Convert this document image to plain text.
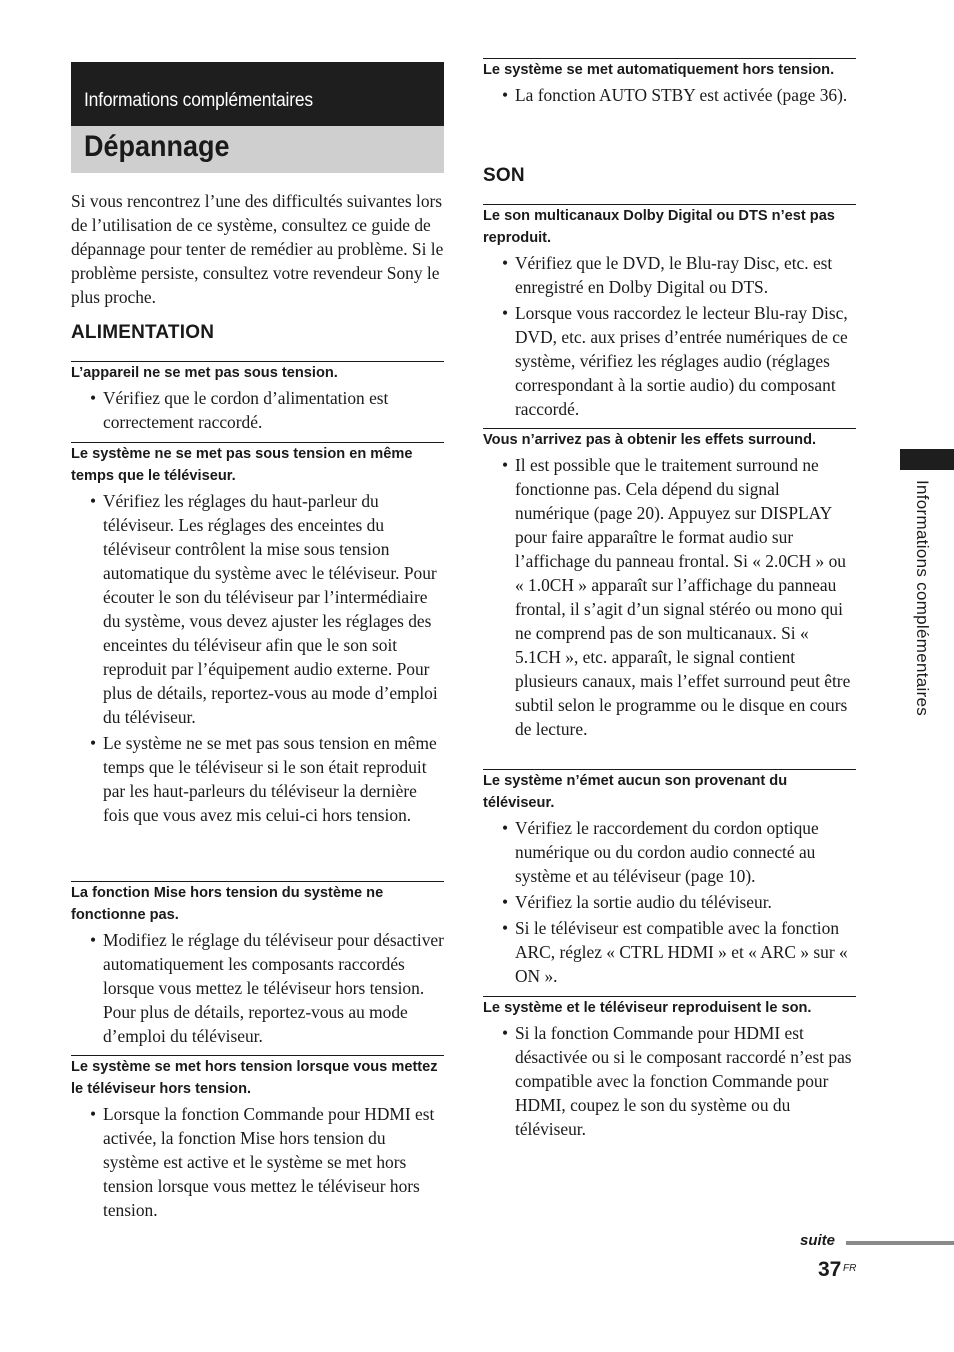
Informations complémentaires
Dépannage

Si vous rencontrez l’une des difficultés suivantes lors de l’utilisation de ce système, consultez ce guide de dépannage pour tenter de remédier au problème. Si le problème persiste, consultez votre revendeur Sony le plus proche.

ALIMENTATION
L’appareil ne se met pas sous tension.
• Vérifiez que le cordon d’alimentation est correctement raccordé.
Le système ne se met pas sous tension en même temps que le téléviseur.
• Vérifiez les réglages du haut-parleur du téléviseur. Les réglages des enceintes du téléviseur contrôlent la mise sous tension automatique du système avec le téléviseur. Pour écouter le son du téléviseur par l’intermédiaire du système, vous devez ajuster les réglages des enceintes du téléviseur afin que le son soit reproduit par l’équipement audio externe. Pour plus de détails, reportez-vous au mode d’emploi du téléviseur.
• Le système ne se met pas sous tension en même temps que le téléviseur si le son était reproduit par les haut-parleurs du téléviseur la dernière fois que vous avez mis celui-ci hors tension.
La fonction Mise hors tension du système ne fonctionne pas.
• Modifiez le réglage du téléviseur pour désactiver automatiquement les composants raccordés lorsque vous mettez le téléviseur hors tension. Pour plus de détails, reportez-vous au mode d’emploi du téléviseur.
Le système se met hors tension lorsque vous mettez le téléviseur hors tension.
• Lorsque la fonction Commande pour HDMI est activée, la fonction Mise hors tension du système est active et le système se met hors tension lorsque vous mettez le téléviseur hors tension.
Le système se met automatiquement hors tension.
• La fonction AUTO STBY est activée (page 36).
SON
Le son multicanaux Dolby Digital ou DTS n’est pas reproduit.
• Vérifiez que le DVD, le Blu-ray Disc, etc. est enregistré en Dolby Digital ou DTS.
• Lorsque vous raccordez le lecteur Blu-ray Disc, DVD, etc. aux prises d’entrée numériques de ce système, vérifiez les réglages audio (réglages correspondant à la sortie audio) du composant raccordé.
Vous n’arrivez pas à obtenir les effets surround.
• Il est possible que le traitement surround ne fonctionne pas. Cela dépend du signal numérique (page 20). Appuyez sur DISPLAY pour faire apparaître le format audio sur l’affichage du panneau frontal. Si « 2.0CH » ou « 1.0CH » apparaît sur l’affichage du panneau frontal, il s’agit d’un signal stéréo ou mono qui ne comprend pas de son multicanaux. Si « 5.1CH », etc. apparaît, le signal contient plusieurs canaux, mais l’effet surround peut être subtil selon le programme ou le disque en cours de lecture.
Le système n’émet aucun son provenant du téléviseur.
• Vérifiez le raccordement du cordon optique numérique ou du cordon audio connecté au système et au téléviseur (page 10).
• Vérifiez la sortie audio du téléviseur.
• Si le téléviseur est compatible avec la fonction ARC, réglez « CTRL HDMI » et « ARC » sur « ON ».
Le système et le téléviseur reproduisent le son.
• Si la fonction Commande pour HDMI est désactivée ou si le composant raccordé n’est pas compatible avec la fonction Commande pour HDMI, coupez le son du système ou du téléviseur.
Informations complémentaires
suite
37 FR
